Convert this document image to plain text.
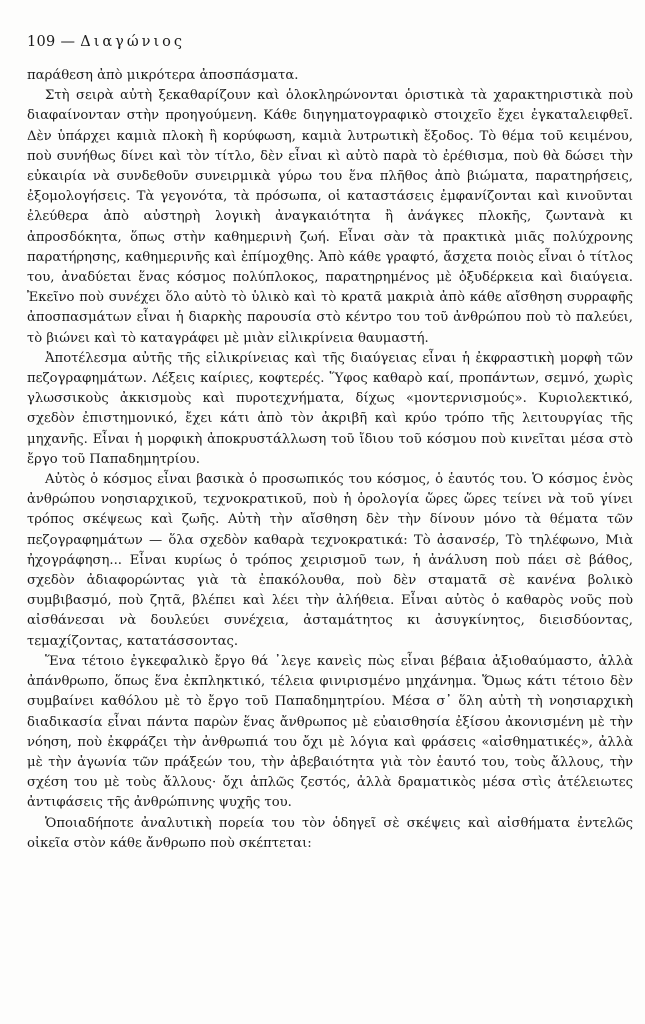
109 — Διαγώνιος

παράθεση ἀπὸ μικρότερα ἀποσπάσματα.

Στὴ σειρὰ αὐτὴ ξεκαθαρίζουν καὶ ὁλοκληρώνονται ὁριστικὰ τὰ χαρακτηριστικὰ ποὺ διαφαίνονταν στὴν προηγούμενη. Κάθε διηγηματογραφικὸ στοιχεῖο ἔχει ἐγκαταλειφθεῖ. Δὲν ὑπάρχει καμιὰ πλοκὴ ἢ κορύφωση, καμιὰ λυτρωτικὴ ἔξοδος. Τὸ θέμα τοῦ κειμένου, ποὺ συνήθως δίνει καὶ τὸν τίτλο, δὲν εἶναι κὶ αὐτὸ παρὰ τὸ ἐρέθισμα, ποὺ θὰ δώσει τὴν εὐκαιρία νὰ συνδεθοῦν συνειρμικὰ γύρω του ἕνα πλῆθος ἀπὸ βιώματα, παρατηρήσεις, ἐξομολογήσεις. Τὰ γεγονότα, τὰ πρόσωπα, οἱ καταστάσεις ἐμφανίζονται καὶ κινοῦνται ἐλεύθερα ἀπὸ αὐστηρὴ λογικὴ ἀναγκαιότητα ἢ ἀνάγκες πλοκῆς, ζωντανὰ κι ἀπροσδόκητα, ὅπως στὴν καθημερινὴ ζωή. Εἶναι σὰν τὰ πρακτικὰ μιᾶς πολύχρονης παρατήρησης, καθημερινῆς καὶ ἐπίμοχθης. Ἀπὸ κάθε γραφτό, ἄσχετα ποιὸς εἶναι ὁ τίτλος του, ἀναδύεται ἕνας κόσμος πολύπλοκος, παρατηρημένος μὲ ὀξυδέρκεια καὶ διαύγεια. Ἐκεῖνο ποὺ συνέχει ὅλο αὐτὸ τὸ ὑλικὸ καὶ τὸ κρατᾶ μακριὰ ἀπὸ κάθε αἴσθηση συρραφῆς ἀποσπασμάτων εἶναι ἡ διαρκὴς παρουσία στὸ κέντρο του τοῦ ἀνθρώπου ποὺ τὸ παλεύει, τὸ βιώνει καὶ τὸ καταγράφει μὲ μιὰν εἰλικρίνεια θαυμαστή.

Ἀποτέλεσμα αὐτῆς τῆς εἰλικρίνειας καὶ τῆς διαύγειας εἶναι ἡ ἐκφραστικὴ μορφὴ τῶν πεζογραφημάτων. Λέξεις καίριες, κοφτερές. Ὕφος καθαρὸ καί, προπάντων, σεμνό, χωρὶς γλωσσικοὺς ἀκκισμοὺς καὶ πυροτεχνήματα, δίχως «μοντερνισμούς». Κυριολεκτικό, σχεδὸν ἐπιστημονικό, ἔχει κάτι ἀπὸ τὸν ἀκριβῆ καὶ κρύο τρόπο τῆς λειτουργίας τῆς μηχανῆς. Εἶναι ἡ μορφικὴ ἀποκρυστάλλωση τοῦ ἴδιου τοῦ κόσμου ποὺ κινεῖται μέσα στὸ ἔργο τοῦ Παπαδημητρίου.

Αὐτὸς ὁ κόσμος εἶναι βασικὰ ὁ προσωπικός του κόσμος, ὁ ἑαυτός του. Ὁ κόσμος ἑνὸς ἀνθρώπου νοησιαρχικοῦ, τεχνοκρατικοῦ, ποὺ ἡ ὁρολογία ὥρες ὥρες τείνει νὰ τοῦ γίνει τρόπος σκέψεως καὶ ζωῆς. Αὐτὴ τὴν αἴσθηση δὲν τὴν δίνουν μόνο τὰ θέματα τῶν πεζογραφημάτων — ὅλα σχεδὸν καθαρὰ τεχνοκρατικά: Τὸ ἀσανσέρ, Τὸ τηλέφωνο, Μιὰ ἠχογράφηση... Εἶναι κυρίως ὁ τρόπος χειρισμοῦ των, ἡ ἀνάλυση ποὺ πάει σὲ βάθος, σχεδὸν ἀδιαφορώντας γιὰ τὰ ἐπακόλουθα, ποὺ δὲν σταματᾶ σὲ κανένα βολικὸ συμβιβασμό, ποὺ ζητᾶ, βλέπει καὶ λέει τὴν ἀλήθεια. Εἶναι αὐτὸς ὁ καθαρὸς νοῦς ποὺ αἰσθάνεσαι νὰ δουλεύει συνέχεια, ἀσταμάτητος κι ἀσυγκίνητος, διεισδύοντας, τεμαχίζοντας, κατατάσσοντας.

Ἕνα τέτοιο ἐγκεφαλικὸ ἔργο θά ᾽λεγε κανεὶς πὼς εἶναι βέβαια ἀξιοθαύμαστο, ἀλλὰ ἀπάνθρωπο, ὅπως ἕνα ἐκπληκτικό, τέλεια φινιρισμένο μηχάνημα. Ὅμως κάτι τέτοιο δὲν συμβαίνει καθόλου μὲ τὸ ἔργο τοῦ Παπαδημητρίου. Μέσα σ᾽ ὅλη αὐτὴ τὴ νοησιαρχικὴ διαδικασία εἶναι πάντα παρὼν ἕνας ἄνθρωπος μὲ εὐαισθησία ἐξίσου ἀκονισμένη μὲ τὴν νόηση, ποὺ ἐκφράζει τὴν ἀνθρωπιά του ὄχι μὲ λόγια καὶ φράσεις «αἰσθηματικές», ἀλλὰ μὲ τὴν ἀγωνία τῶν πράξεών του, τὴν ἀβεβαιότητα γιὰ τὸν ἑαυτό του, τοὺς ἄλλους, τὴν σχέση του μὲ τοὺς ἄλλους· ὄχι ἁπλῶς ζεστός, ἀλλὰ δραματικὸς μέσα στὶς ἀτέλειωτες ἀντιφάσεις τῆς ἀνθρώπινης ψυχῆς του.

Ὁποιαδήποτε ἀναλυτικὴ πορεία του τὸν ὁδηγεῖ σὲ σκέψεις καὶ αἰσθήματα ἐντελῶς οἰκεῖα στὸν κάθε ἄνθρωπο ποὺ σκέπτεται:
